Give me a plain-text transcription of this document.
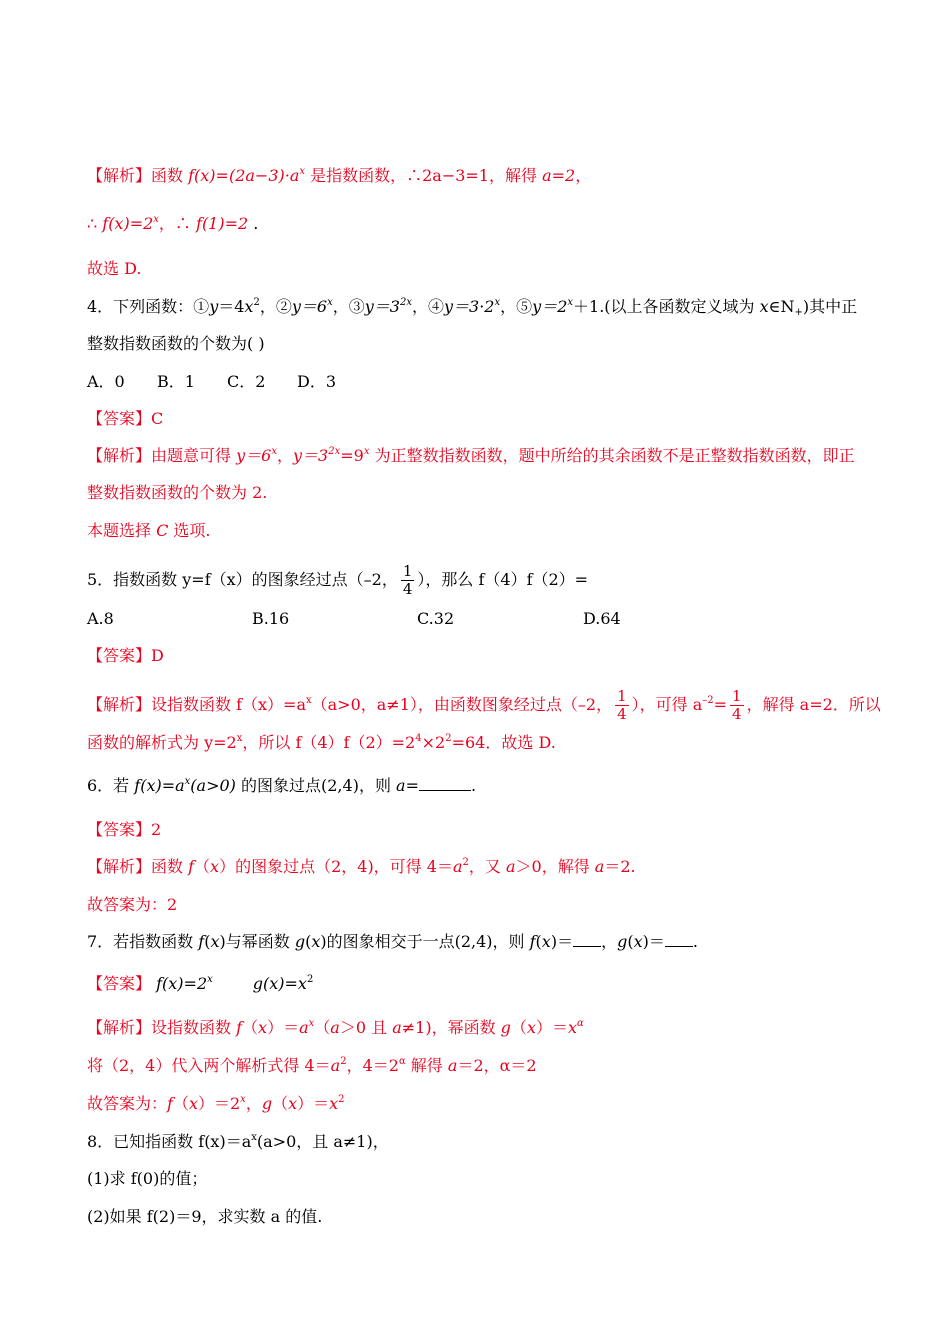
【解析】函数 $f(x)=(2a-3)\cdot a^x$ 是指数函数，∴2a−3=1，解得 a=2，
∴ $f(x)=2^x$，∴ f(1)=2 .
故选 D.
4．下列函数：$①y=4x^2$，$②y=6^x$，$③y=3^{2x}$，$④y=3\cdot 2^x$，$⑤y=2^x+1$.(以上各函数定义域为 $x\in N_+$)其中正
整数指数函数的个数为( )
A．0 B．1 C．2 D．3
【答案】C
【解析】由题意可得 $y=6^x$，$y=3^{2x}=9^x$ 为正整数指数函数，题中所给的其余函数不是正整数指数函数，即正
整数指数函数的个数为 2.
本题选择 C 选项.
5．指数函数 y=f（x）的图象经过点（–2， $\frac{1}{4}$ ），那么 f（4）f（2）=
A.8	B.16	C.32	D.64
【答案】D
【解析】设指数函数 $f(x)=a^x(a>0$，a≠1），由函数图象经过点（–2， $\frac{1}{4}$ ），可得 $a^{-2}= \frac{1}{4}$ ，解得 a=2．所以
函数的解析式为 $y=2^x$，所以 $f(4)f(2)=2^4\times 2^2=64$．故选 D.
6．若 $f(x)=a^x(a>0)$ 的图象过点(2,4)，则 a=	.
【答案】2
【解析】函数 f（x）的图象过点（2，4)，可得 $4=a^2$，又 a＞0，解得 a＝2.
故答案为：2
7．若指数函数 f(x)与幂函数 g(x)的图象相交于一点(2,4)，则 f(x)＝ ，g(x)＝ .
【答案】 $f(x)=2^x$	$g(x)=x^2$
【解析】设指数函数 $f(x)=a^x(a>0$ 且 a≠1)，幂函数 $g(x)=x^\alpha$
将（2，4）代入两个解析式得 $4=a^2$，$4=2^\alpha$ 解得 a＝2，α＝2
故答案为：$f(x)=2^x$，$g(x)=x^2$
8．已知指函数 $f(x)=a^x(a>0$，且 a≠1)，
(1)求 f(0)的值；
(2)如果 f(2)＝9，求实数 a 的值.
